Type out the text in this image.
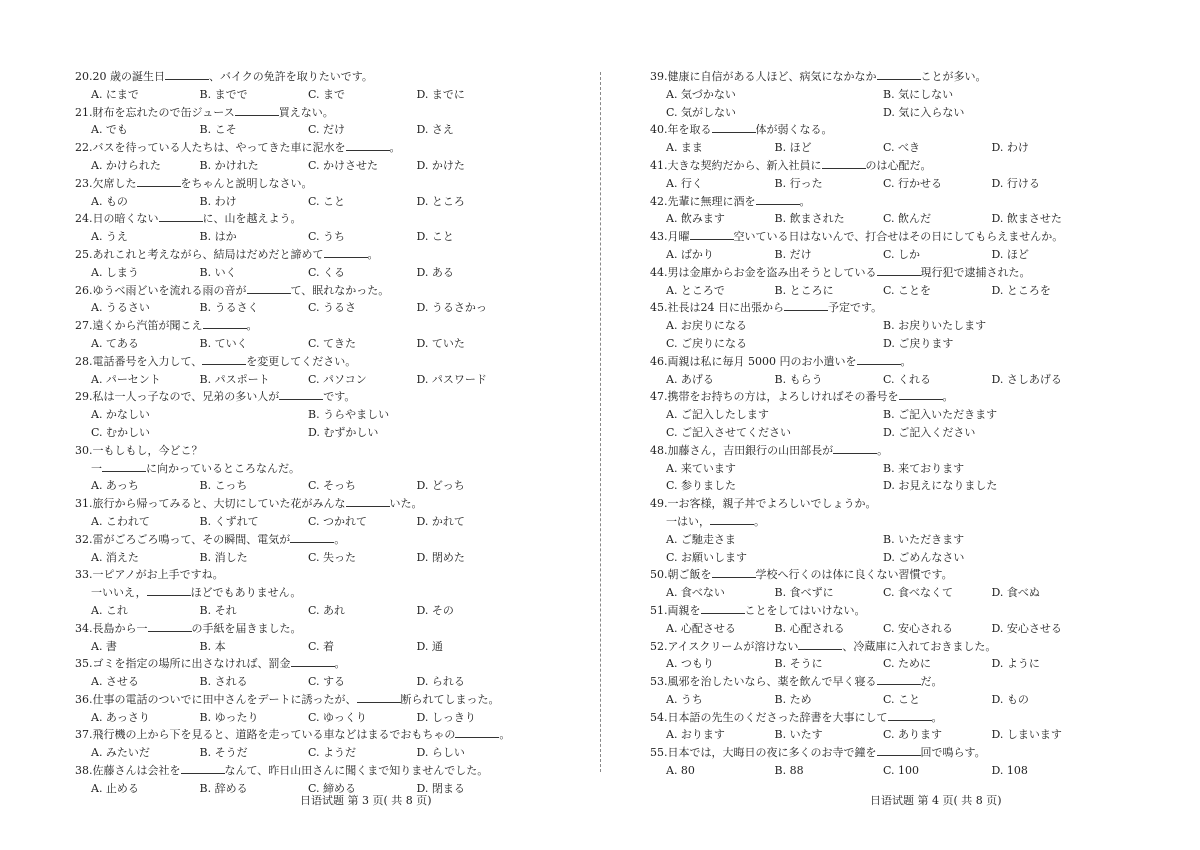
20.20 歳の誕生日	、バイクの免許を取りたいです。
A. にまで	B. までで	C. まで	D. までに
21.財布を忘れたので缶ジュース	買えない。
A. でも	B. こそ	C. だけ	D. さえ
22.バスを待っている人たちは、やってきた車に泥水を	。
A. かけられた	B. かけれた	C. かけさせた	D. かけた
23.欠席した	をちゃんと説明しなさい。
A. もの	B. わけ	C. こと	D. ところ
24.日の暗くない	に、山を越えよう。
A. うえ	B. はか	C. うち	D. こと
25.あれこれと考えながら、結局はだめだと諦めて	。
A. しまう	B. いく	C. くる	D. ある
26.ゆうべ雨どいを流れる雨の音が	て、眠れなかった。
A. うるさい	B. うるさく	C. うるさ	D. うるさかっ
27.遠くから汽笛が聞こえ	。
A. てある	B. ていく	C. てきた	D. ていた
28.電話番号を入力して、	を変更してください。
A. パーセント	B. パスポート	C. パソコン	D. パスワード
29.私は一人っ子なので、兄弟の多い人が	です。
A. かなしい	B. うらやましい
C. むかしい	D. むずかしい
30.一もしもし，今どこ？
一	に向かっているところなんだ。
A. あっち	B. こっち	C. そっち	D. どっち
31.旅行から帰ってみると、大切にしていた花がみんな	いた。
A. こわれて	B. くずれて	C. つかれて	D. かれて
32.雷がごろごろ鳴って、その瞬間、電気が	。
A. 消えた	B. 消した	C. 失った	D. 閉めた
33.一ピアノがお上手ですね。
一いいえ，	ほどでもありません。
A. これ	B. それ	C. あれ	D. その
34.長島から一	の手紙を届きました。
A. 書	B. 本	C. 着	D. 通
35.ゴミを指定の場所に出さなければ、罰金	。
A. させる	B. される	C. する	D. られる
36.仕事の電話のついでに田中さんをデートに誘ったが、	断られてしまった。
A. あっさり	B. ゆったり	C. ゆっくり	D. しっきり
37.飛行機の上から下を見ると、道路を走っている車などはまるでおもちゃの	。
A. みたいだ	B. そうだ	C. ようだ	D. らしい
38.佐藤さんは会社を	なんて、昨日山田さんに聞くまで知りませんでした。
A. 止める	B. 辞める	C. 締める	D. 閉まる
39.健康に自信がある人ほど、病気になかなか	ことが多い。
A. 気づかない	B. 気にしない
C. 気がしない	D. 気に入らない
40.年を取る	体が弱くなる。
A. まま	B. ほど	C. べき	D. わけ
41.大きな契約だから、新入社員に	のは心配だ。
A. 行く	B. 行った	C. 行かせる	D. 行ける
42.先輩に無理に酒を	。
A. 飲みます	B. 飲まされた	C. 飲んだ	D. 飲まさせた
43.月曜	空いている日はないんで、打合せはその日にしてもらえませんか。
A. ばかり	B. だけ	C. しか	D. ほど
44.男は金庫からお金を盗み出そうとしている	現行犯で逮捕された。
A. ところで	B. ところに	C. ことを	D. ところを
45.社長は24 日に出張から	予定です。
A. お戻りになる	B. お戻りいたします
C. ご戻りになる	D. ご戻ります
46.両親は私に毎月 5000 円のお小遣いを	。
A. あげる	B. もらう	C. くれる	D. さしあげる
47.携帯をお持ちの方は，よろしければその番号を	。
A. ご記入したします	B. ご記入いただきます
C. ご記入させてください	D. ご記入ください
48.加藤さん，吉田銀行の山田部長が	。
A. 来ています	B. 来ております
C. 参りました	D. お見えになりました
49.一お客様，親子丼でよろしいでしょうか。
一はい，	。
A. ご馳走さま	B. いただきます
C. お願いします	D. ごめんなさい
50.朝ご飯を	学校へ行くのは体に良くない習慣です。
A. 食べない	B. 食べずに	C. 食べなくて	D. 食べぬ
51.両親を	ことをしてはいけない。
A. 心配させる	B. 心配される	C. 安心される	D. 安心させる
52.アイスクリームが溶けない	、冷蔵庫に入れておきました。
A. つもり	B. そうに	C. ために	D. ように
53.風邪を治したいなら、薬を飲んで早く寝る	だ。
A. うち	B. ため	C. こと	D. もの
54.日本語の先生のくださった辞書を大事にして	。
A. おります	B. いたす	C. あります	D. しまいます
55.日本では，大晦日の夜に多くのお寺で鐘を	回で鳴らす。
A. 80	B. 88	C. 100	D. 108
日语试题 第 3 页( 共 8 页)	日语试题 第 4 页( 共 8 页)
